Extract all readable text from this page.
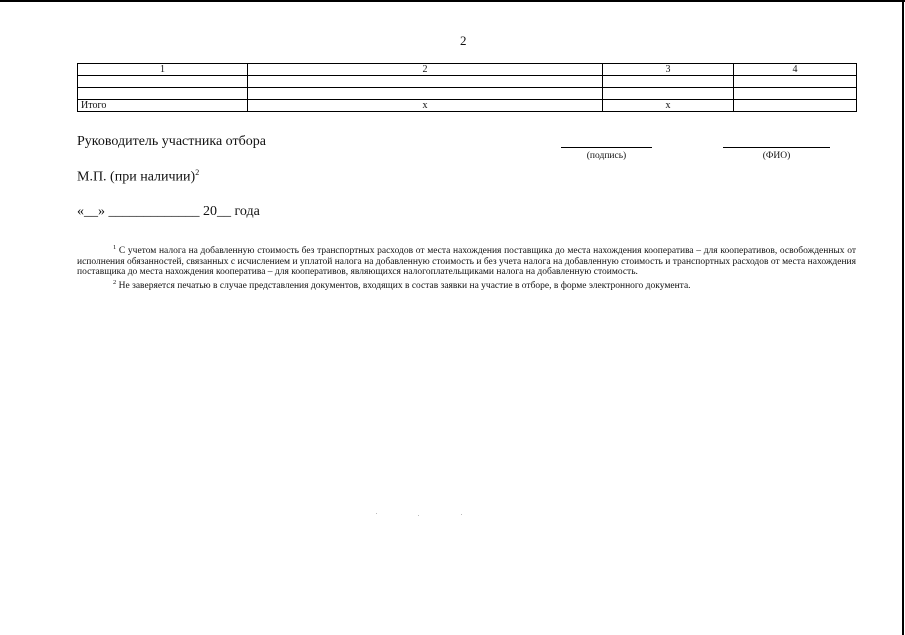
2
1	2	3	4

Итого	x	x	
Руководитель участника отбора
(подпись)	(ФИО)
М.П. (при наличии)$^2$
«__» _____________ 20__ года

$^1$ С учетом налога на добавленную стоимость без транспортных расходов от места нахождения поставщика до места нахождения кооператива – для кооперативов, освобожденных от исполнения обязанностей, связанных с исчислением и уплатой налога на добавленную стоимость и без учета налога на добавленную стоимость и транспортных расходов от места нахождения поставщика до места нахождения кооператива – для кооперативов, являющихся налогоплательщиками налога на добавленную стоимость.

$^2$ Не заверяется печатью в случае представления документов, входящих в состав заявки на участие в отборе, в форме электронного документа.
